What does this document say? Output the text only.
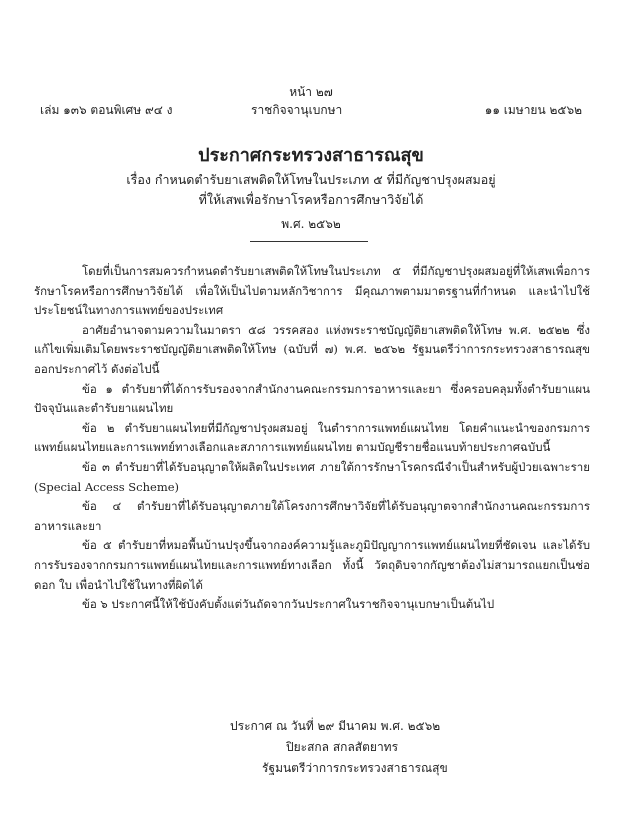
หน้า ๒๗
เล่ม ๑๓๖ ตอนพิเศษ ๙๔ ง	ราชกิจจานุเบกษา	๑๑ เมษายน ๒๕๖๒
ประกาศกระทรวงสาธารณสุข
เรื่อง กำหนดตำรับยาเสพติดให้โทษในประเภท ๕ ที่มีกัญชาปรุงผสมอยู่
ที่ให้เสพเพื่อรักษาโรคหรือการศึกษาวิจัยได้
พ.ศ. ๒๕๖๒

โดยที่เป็นการสมควรกำหนดตำรับยาเสพติดให้โทษในประเภท ๕ ที่มีกัญชาปรุงผสมอยู่ที่ให้เสพเพื่อการรักษาโรคหรือการศึกษาวิจัยได้ เพื่อให้เป็นไปตามหลักวิชาการ มีคุณภาพตามมาตรฐานที่กำหนด และนำไปใช้ประโยชน์ในทางการแพทย์ของประเทศ

อาศัยอำนาจตามความในมาตรา ๕๘ วรรคสอง แห่งพระราชบัญญัติยาเสพติดให้โทษ พ.ศ. ๒๕๒๒ ซึ่งแก้ไขเพิ่มเติมโดยพระราชบัญญัติยาเสพติดให้โทษ (ฉบับที่ ๗) พ.ศ. ๒๕๖๒ รัฐมนตรีว่าการกระทรวงสาธารณสุขออกประกาศไว้ ดังต่อไปนี้

ข้อ ๑ ตำรับยาที่ได้การรับรองจากสำนักงานคณะกรรมการอาหารและยา ซึ่งครอบคลุมทั้งตำรับยาแผนปัจจุบันและตำรับยาแผนไทย

ข้อ ๒ ตำรับยาแผนไทยที่มีกัญชาปรุงผสมอยู่ ในตำราการแพทย์แผนไทย โดยคำแนะนำของกรมการแพทย์แผนไทยและการแพทย์ทางเลือกและสภาการแพทย์แผนไทย ตามบัญชีรายชื่อแนบท้ายประกาศฉบับนี้

ข้อ ๓ ตำรับยาที่ได้รับอนุญาตให้ผลิตในประเทศ ภายใต้การรักษาโรคกรณีจำเป็นสำหรับผู้ป่วยเฉพาะราย (Special Access Scheme)

ข้อ ๔ ตำรับยาที่ได้รับอนุญาตภายใต้โครงการศึกษาวิจัยที่ได้รับอนุญาตจากสำนักงานคณะกรรมการอาหารและยา

ข้อ ๕ ตำรับยาที่หมอพื้นบ้านปรุงขึ้นจากองค์ความรู้และภูมิปัญญาการแพทย์แผนไทยที่ชัดเจน และได้รับการรับรองจากกรมการแพทย์แผนไทยและการแพทย์ทางเลือก ทั้งนี้ วัตถุดิบจากกัญชาต้องไม่สามารถแยกเป็นช่อดอก ใบ เพื่อนำไปใช้ในทางที่ผิดได้

ข้อ ๖ ประกาศนี้ให้ใช้บังคับตั้งแต่วันถัดจากวันประกาศในราชกิจจานุเบกษาเป็นต้นไป

ประกาศ ณ วันที่ ๒๙ มีนาคม พ.ศ. ๒๕๖๒
ปิยะสกล สกลสัตยาทร
รัฐมนตรีว่าการกระทรวงสาธารณสุข
